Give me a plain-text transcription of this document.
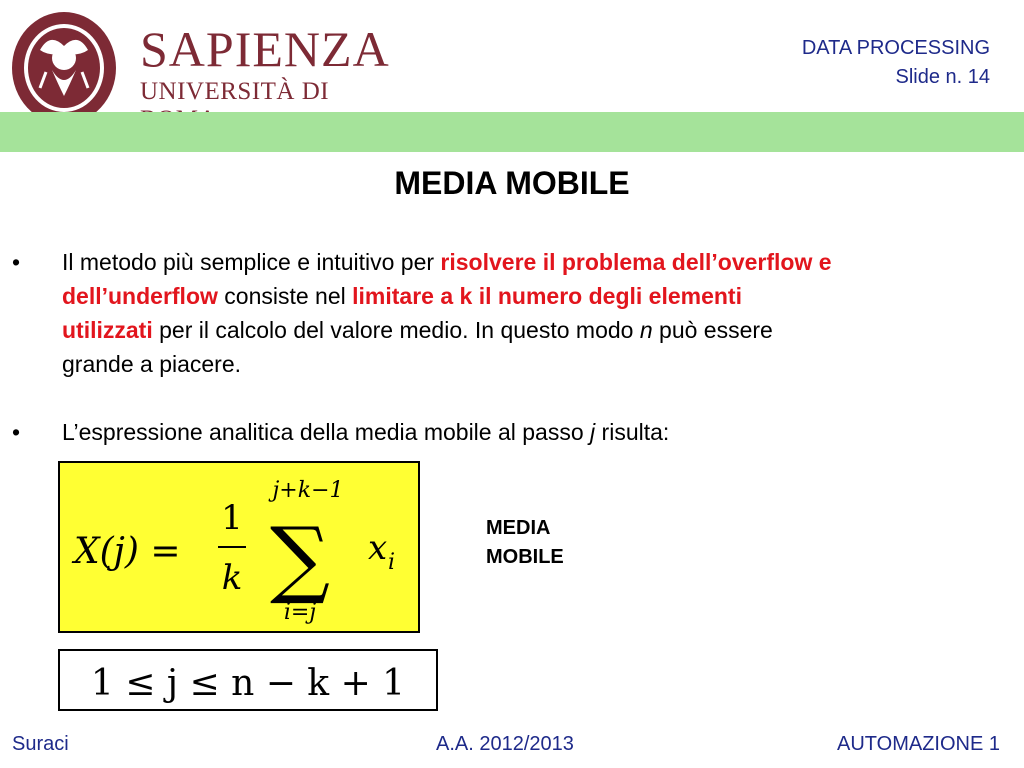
SAPIENZA
UNIVERSITÀ DI
DATA PROCESSING
Slide n. 14
MEDIA MOBILE
• Il metodo più semplice e intuitivo per risolvere il problema dell’overflow e
dell’underflow consiste nel limitare a k il numero degli elementi
utilizzati per il calcolo del valore medio. In questo modo n può essere
grande a piacere.
• L’espressione analitica della media mobile al passo j risulta:
X(j) =
1
k
j+k−1
∑
i=j
x i
1 ≤ j ≤ n − k + 1
MEDIA
MOBILE
Suraci	A.A. 2012/2013	AUTOMAZIONE 1
